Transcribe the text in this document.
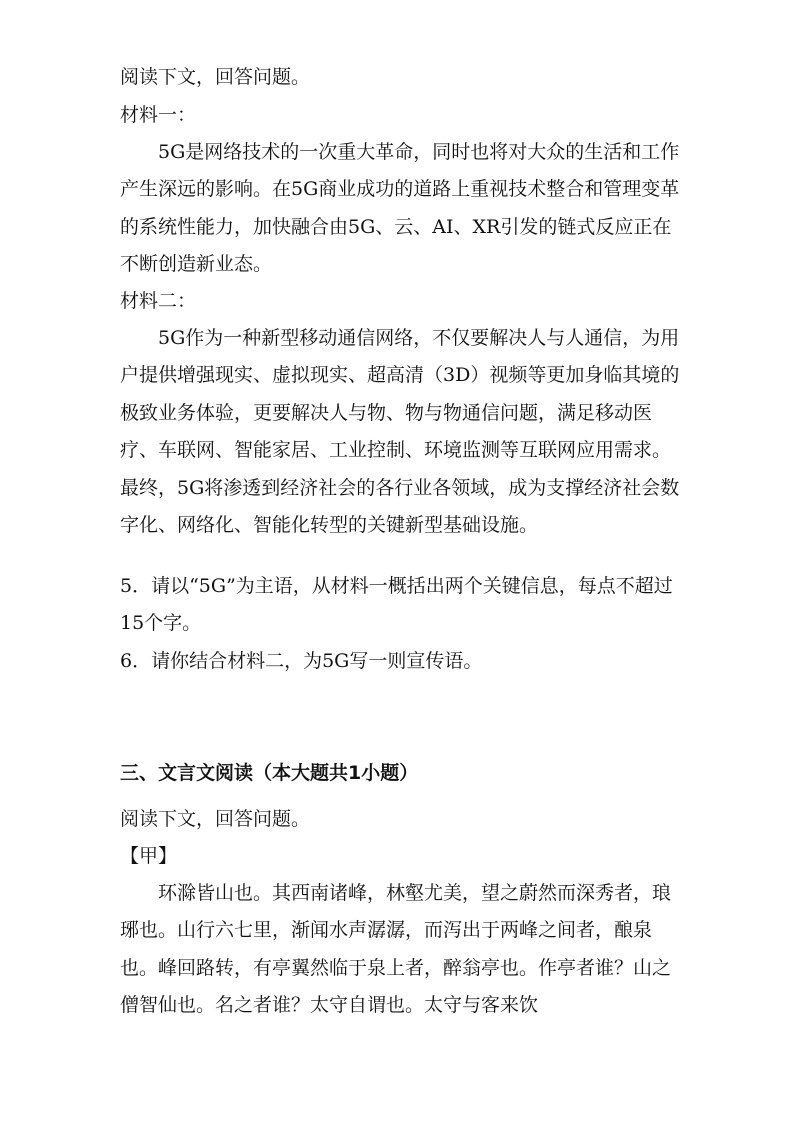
阅读下文，回答问题。

材料一：

5G是网络技术的一次重大革命，同时也将对大众的生活和工作产生深远的影响。在5G商业成功的道路上重视技术整合和管理变革的系统性能力，加快融合由5G、云、AI、XR引发的链式反应正在不断创造新业态。

材料二：

5G作为一种新型移动通信网络，不仅要解决人与人通信，为用户提供增强现实、虚拟现实、超高清（3D）视频等更加身临其境的极致业务体验，更要解决人与物、物与物通信问题，满足移动医疗、车联网、智能家居、工业控制、环境监测等互联网应用需求。最终，5G将渗透到经济社会的各行业各领域，成为支撑经济社会数字化、网络化、智能化转型的关键新型基础设施。

5．请以“5G”为主语，从材料一概括出两个关键信息，每点不超过15个字。

6．请你结合材料二，为5G写一则宣传语。

三、文言文阅读（本大题共1小题）

阅读下文，回答问题。

【甲】

环滁皆山也。其西南诸峰，林壑尤美，望之蔚然而深秀者，琅琊也。山行六七里，渐闻水声潺潺，而泻出于两峰之间者，酿泉也。峰回路转，有亭翼然临于泉上者，醉翁亭也。作亭者谁？山之僧智仙也。名之者谁？太守自谓也。太守与客来饮
